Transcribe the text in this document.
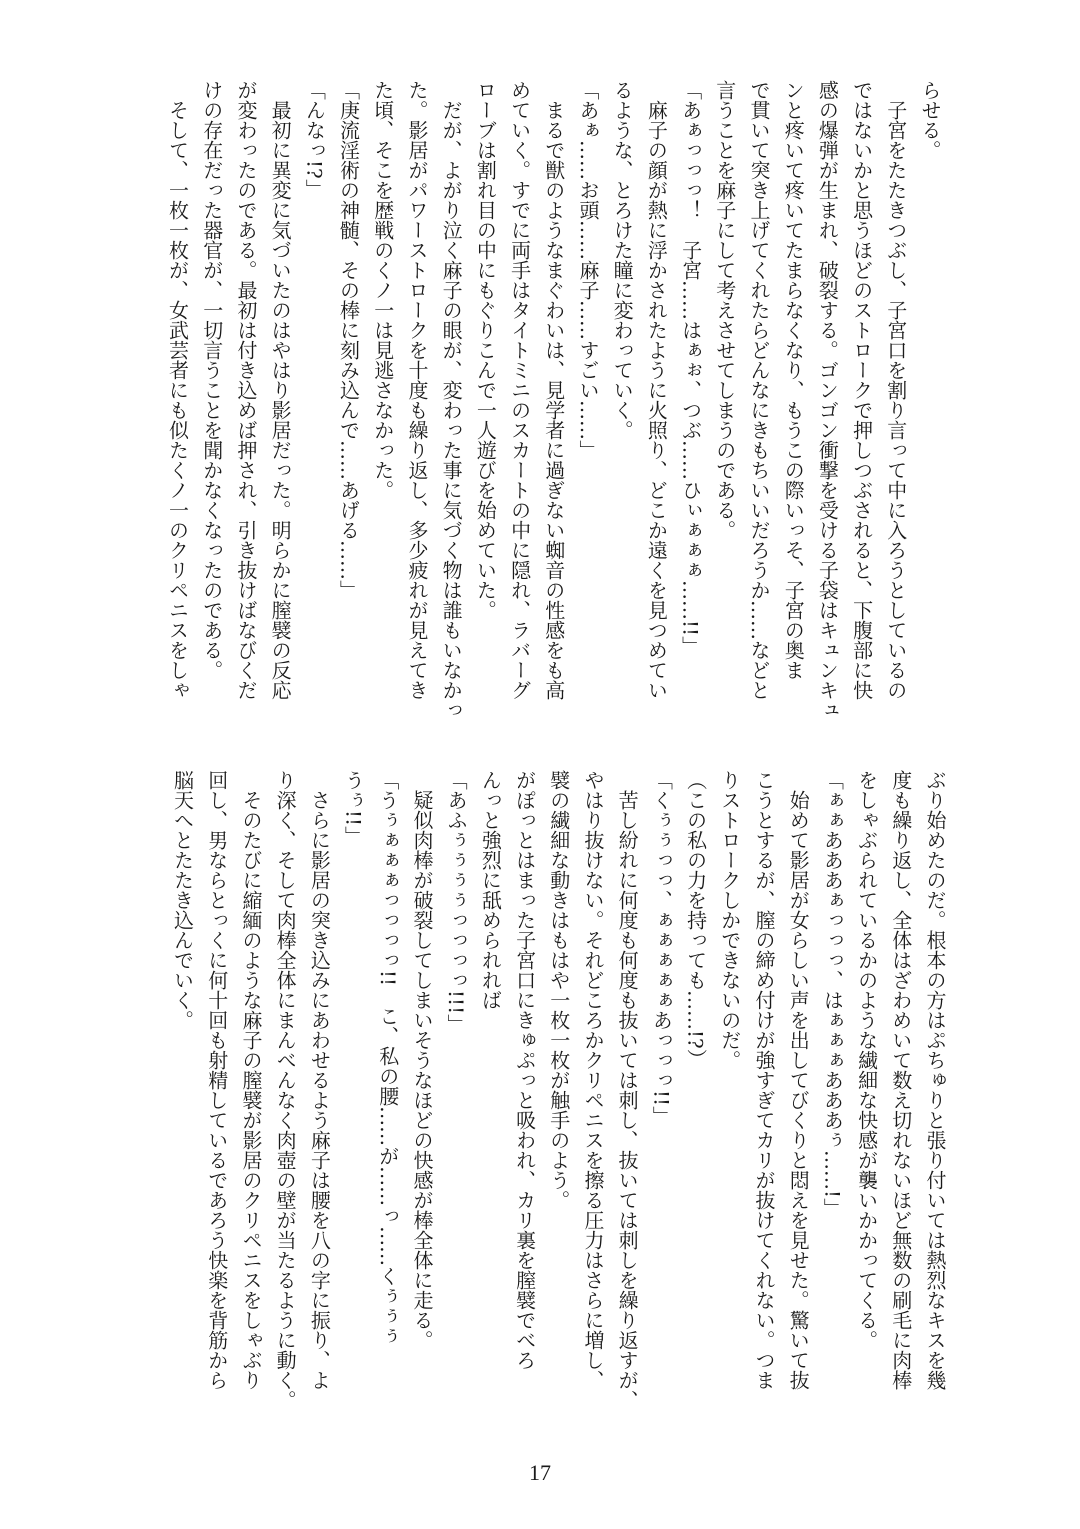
らせる。
　子宮をたたきつぶし、子宮口を割り言って中に入ろうとしているの
ではないかと思うほどのストロークで押しつぶされると、下腹部に快
感の爆弾が生まれ、破裂する。ゴンゴン衝撃を受ける子袋はキュンキュ
ンと疼いて疼いてたまらなくなり、もうこの際いっそ、子宮の奥ま
で貫いて突き上げてくれたらどんなにきもちいいだろうか……などと
言うことを麻子にして考えさせてしまうのである。
「あぁっっっ！　子宮……はぁぉ、つぶ……ひぃぁぁぁ……!!」
　麻子の顔が熱に浮かされたように火照り、どこか遠くを見つめてい
るような、とろけた瞳に変わっていく。
「あぁ……お頭……麻子……すごい……」
　まるで獣のようなまぐわいは、見学者に過ぎない蜘音の性感をも高
めていく。すでに両手はタイトミニのスカートの中に隠れ、ラバーグ
ローブは割れ目の中にもぐりこんで一人遊びを始めていた。
　だが、よがり泣く麻子の眼が、変わった事に気づく物は誰もいなかっ
た。影居がパワーストロークを十度も繰り返し、多少疲れが見えてき
た頃、そこを歴戦のくノ一は見逃さなかった。
「庚流淫術の神髄、その棒に刻み込んで……あげる……」
「んなっ!?」
　最初に異変に気づいたのはやはり影居だった。明らかに膣襞の反応
が変わったのである。最初は付き込めば押され、引き抜けばなびくだ
けの存在だった器官が、一切言うことを聞かなくなったのである。
　そして、一枚一枚が、女武芸者にも似たくノ一のクリペニスをしゃ
ぶり始めたのだ。根本の方はぷちゅりと張り付いては熱烈なキスを幾
度も繰り返し、全体はざわめいて数え切れないほど無数の刷毛に肉棒
をしゃぶられているかのような繊細な快感が襲いかかってくる。
「ぁぁあああぁっっっ、はぁぁぁあああぅ……!」
　始めて影居が女らしい声を出してびくりと悶えを見せた。驚いて抜
こうとするが、膣の締め付けが強すぎてカリが抜けてくれない。つま
りストロークしかできないのだ。
（この私の力を持っても……!?）
「くぅぅっっ、ぁぁぁぁぁあっっっ!!」
　苦し紛れに何度も何度も抜いては刺し、抜いては刺しを繰り返すが、
やはり抜けない。それどころかクリペニスを擦る圧力はさらに増し、
襞の繊細な動きはもはや一枚一枚が触手のよう。
がぽっとはまった子宮口にきゅぷっと吸われ、カリ裏を膣襞でべろ
んっと強烈に舐められれば
「あふぅぅぅぅっっっっ!!!」
　疑似肉棒が破裂してしまいそうなほどの快感が棒全体に走る。
「うぅぁぁぁっっっっ!!　こ、私の腰……が……っ……くぅぅぅ
うぅ!!」
　さらに影居の突き込みにあわせるよう麻子は腰を八の字に振り、よ
り深く、そして肉棒全体にまんべんなく肉壺の壁が当たるように動く。
　そのたびに縮緬のような麻子の膣襞が影居のクリペニスをしゃぶり
回し、男ならとっくに何十回も射精しているであろう快楽を背筋から
脳天へとたたき込んでいく。
17
